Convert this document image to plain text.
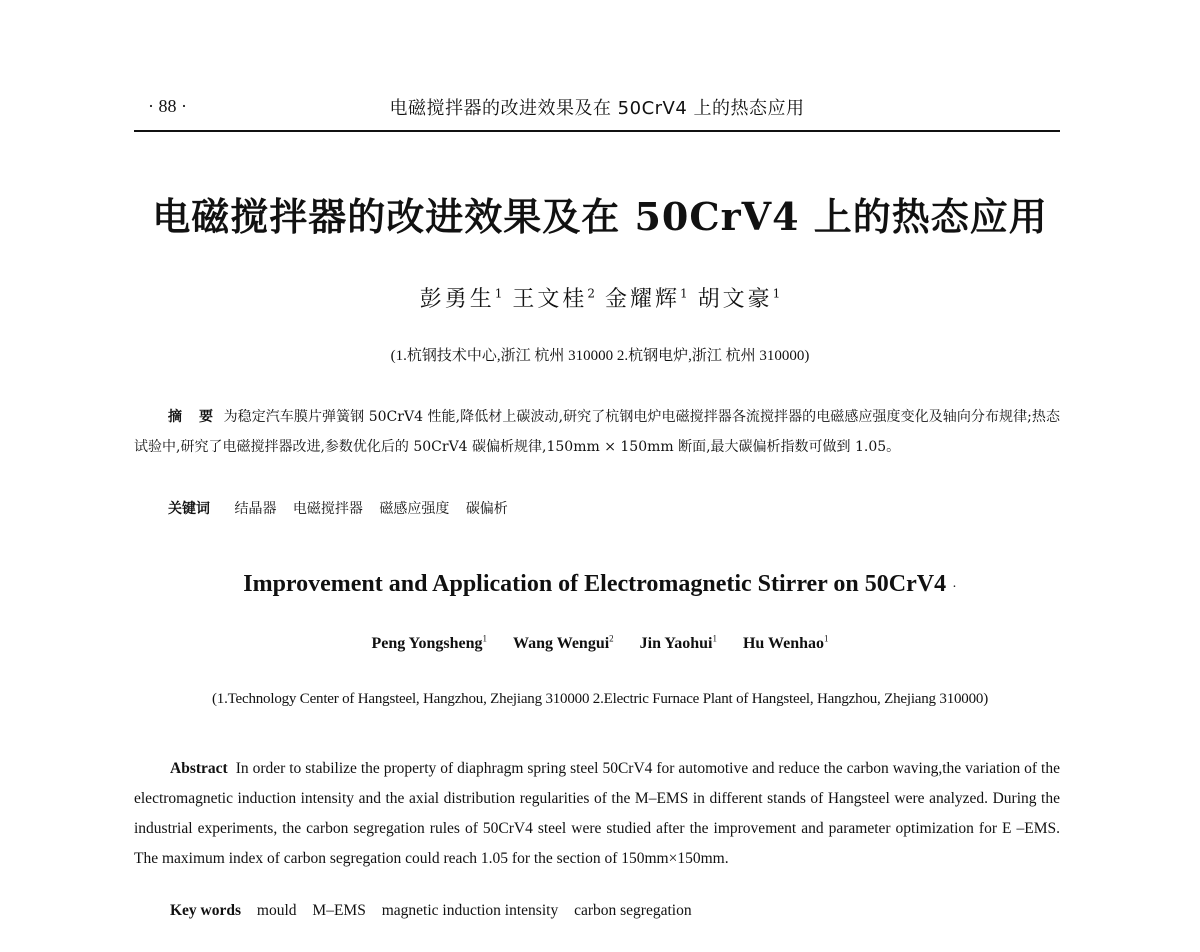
· 88 ·	电磁搅拌器的改进效果及在 50CrV4 上的热态应用
电磁搅拌器的改进效果及在 50CrV4 上的热态应用
彭勇生$^1$ 王文桂$^2$ 金耀辉$^1$ 胡文豪$^1$
(1.杭钢技术中心,浙江 杭州 310000 2.杭钢电炉,浙江 杭州 310000)

摘 要 为稳定汽车膜片弹簧钢 50CrV4 性能,降低材上碳波动,研究了杭钢电炉电磁搅拌器各流搅拌器的电磁感应强度变化及轴向分布规律;热态试验中,研究了电磁搅拌器改进,参数优化后的 50CrV4 碳偏析规律,150mm × 150mm 断面,最大碳偏析指数可做到 1.05。

关键词 结晶器 电磁搅拌器 磁感应强度 碳偏析
Improvement and Application of Electromagnetic Stirrer on 50CrV4 ·
Peng Yongsheng$^1$ Wang Wengui$^2$ Jin Yaohui$^1$ Hu Wenhao$^1$
(1.Technology Center of Hangsteel, Hangzhou, Zhejiang 310000 2.Electric Furnace Plant of Hangsteel, Hangzhou, Zhejiang 310000)

Abstract In order to stabilize the property of diaphragm spring steel 50CrV4 for automotive and reduce the carbon waving,the variation of the electromagnetic induction intensity and the axial distribution regularities of the M–EMS in different stands of Hangsteel were analyzed. During the industrial experiments, the carbon segregation rules of 50CrV4 steel were studied after the improvement and parameter optimization for E –EMS. The maximum index of carbon segregation could reach 1.05 for the section of 150mm×150mm.

Key words mould M–EMS magnetic induction intensity carbon segregation
